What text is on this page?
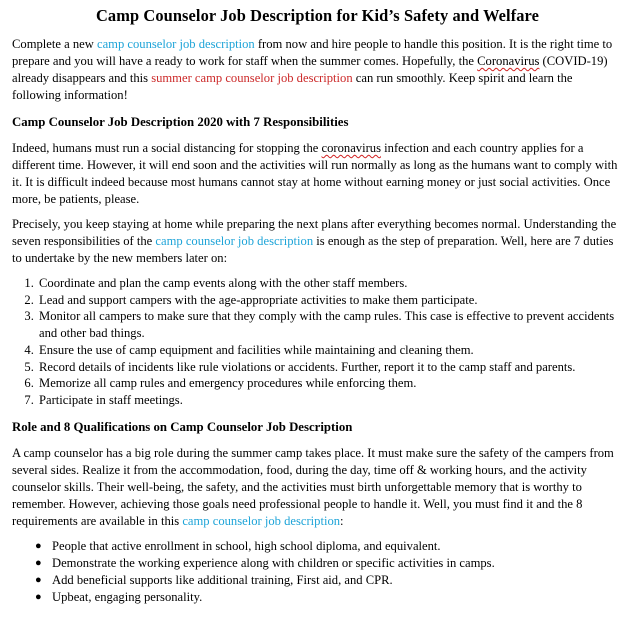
Camp Counselor Job Description for Kid’s Safety and Welfare

Complete a new camp counselor job description from now and hire people to handle this position. It is the right time to prepare and you will have a ready to work for staff when the summer comes. Hopefully, the Coronavirus (COVID-19) already disappears and this summer camp counselor job description can run smoothly. Keep spirit and learn the following information!

Camp Counselor Job Description 2020 with 7 Responsibilities

Indeed, humans must run a social distancing for stopping the coronavirus infection and each country applies for a different time. However, it will end soon and the activities will run normally as long as the humans want to comply with it. It is difficult indeed because most humans cannot stay at home without earning money or just social activities. Once more, be patients, please.

Precisely, you keep staying at home while preparing the next plans after everything becomes normal. Understanding the seven responsibilities of the camp counselor job description is enough as the step of preparation. Well, here are 7 duties to undertake by the new members later on:

1. Coordinate and plan the camp events along with the other staff members.
2. Lead and support campers with the age-appropriate activities to make them participate.
3. Monitor all campers to make sure that they comply with the camp rules. This case is effective to prevent accidents and other bad things.
4. Ensure the use of camp equipment and facilities while maintaining and cleaning them.
5. Record details of incidents like rule violations or accidents. Further, report it to the camp staff and parents.
6. Memorize all camp rules and emergency procedures while enforcing them.
7. Participate in staff meetings.
Role and 8 Qualifications on Camp Counselor Job Description

A camp counselor has a big role during the summer camp takes place. It must make sure the safety of the campers from several sides. Realize it from the accommodation, food, during the day, time off & working hours, and the activity counselor skills. Their well-being, the safety, and the activities must birth unforgettable memory that is worthy to remember. However, achieving those goals need professional people to handle it. Well, you must find it and the 8 requirements are available in this camp counselor job description:

● People that active enrollment in school, high school diploma, and equivalent.
● Demonstrate the working experience along with children or specific activities in camps.
● Add beneficial supports like additional training, First aid, and CPR.
● Upbeat, engaging personality.
